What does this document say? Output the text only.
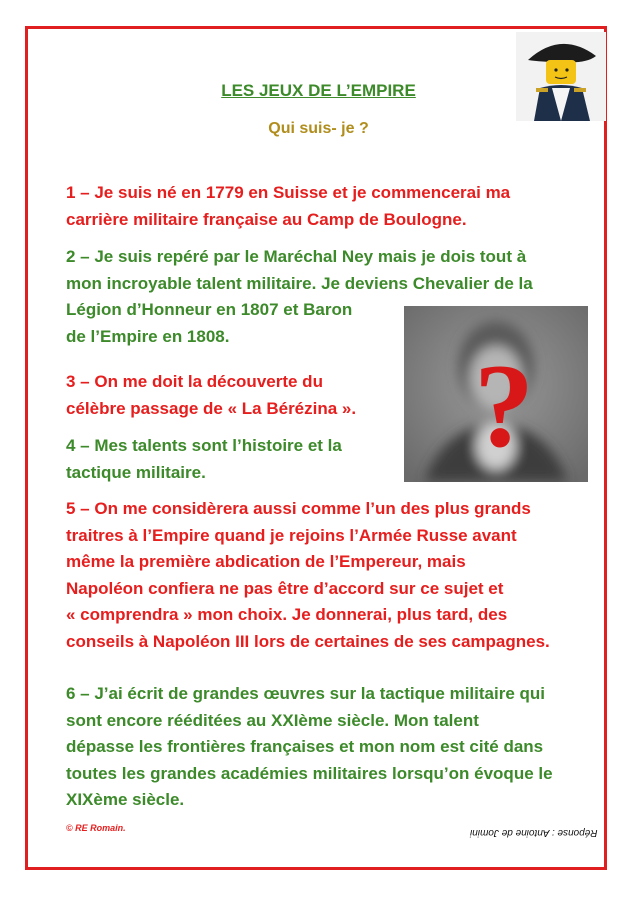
LES JEUX DE L’EMPIRE
Qui suis- je ?
?
1 – Je suis né en 1779 en Suisse et je commencerai ma
carrière militaire française au Camp de Boulogne.
2 – Je suis repéré par le Maréchal Ney mais je dois tout à
mon incroyable talent militaire. Je deviens Chevalier de la
Légion d’Honneur en 1807 et Baron
de l’Empire en 1808.
3 – On me doit la découverte du
célèbre passage de « La Bérézina ».
4 – Mes talents sont l’histoire et la
tactique militaire.
5 – On me considèrera aussi comme l’un des plus grands
traitres à l’Empire quand je rejoins l’Armée Russe avant
même la première abdication de l’Empereur, mais
Napoléon confiera ne pas être d’accord sur ce sujet et
« comprendra » mon choix. Je donnerai, plus tard, des
conseils à Napoléon III lors de certaines de ses campagnes.
6 – J’ai écrit de grandes œuvres sur la tactique militaire qui
sont encore rééditées au XXIème siècle. Mon talent
dépasse les frontières françaises et mon nom est cité dans
toutes les grandes académies militaires lorsqu’on évoque le
XIXème siècle.
© RE Romain.	Réponse : Antoine de Jomini
